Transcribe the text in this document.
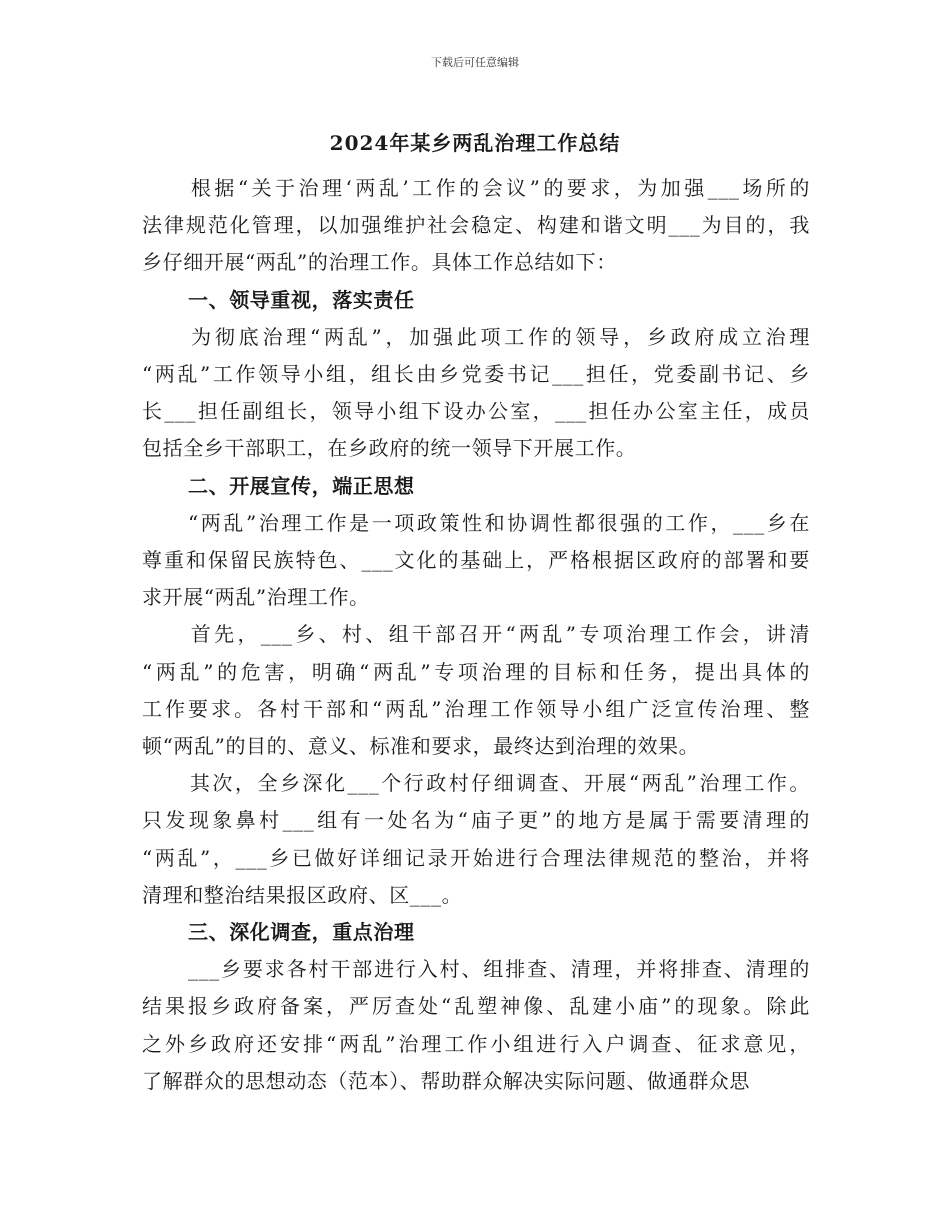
下载后可任意编辑
2024年某乡两乱治理工作总结
根据“关于治理‘两乱’工作的会议”的要求，为加强___场所的
法律规范化管理，以加强维护社会稳定、构建和谐文明___为目的，我
乡仔细开展“两乱”的治理工作。具体工作总结如下：
一、领导重视，落实责任
为彻底治理“两乱”，加强此项工作的领导，乡政府成立治理
“两乱”工作领导小组，组长由乡党委书记___担任，党委副书记、乡
长___担任副组长，领导小组下设办公室，___担任办公室主任，成员
包括全乡干部职工，在乡政府的统一领导下开展工作。
二、开展宣传，端正思想
“两乱”治理工作是一项政策性和协调性都很强的工作，___乡在
尊重和保留民族特色、___文化的基础上，严格根据区政府的部署和要
求开展“两乱”治理工作。
首先，___乡、村、组干部召开“两乱”专项治理工作会，讲清
“两乱”的危害，明确“两乱”专项治理的目标和任务，提出具体的
工作要求。各村干部和“两乱”治理工作领导小组广泛宣传治理、整
顿“两乱”的目的、意义、标准和要求，最终达到治理的效果。
其次，全乡深化___个行政村仔细调查、开展“两乱”治理工作。
只发现象鼻村___组有一处名为“庙子更”的地方是属于需要清理的
“两乱”，___乡已做好详细记录开始进行合理法律规范的整治，并将
清理和整治结果报区政府、区___。
三、深化调查，重点治理
___乡要求各村干部进行入村、组排查、清理，并将排查、清理的
结果报乡政府备案，严厉查处“乱塑神像、乱建小庙”的现象。除此
之外乡政府还安排“两乱”治理工作小组进行入户调查、征求意见，
了解群众的思想动态（范本）、帮助群众解决实际问题、做通群众思
